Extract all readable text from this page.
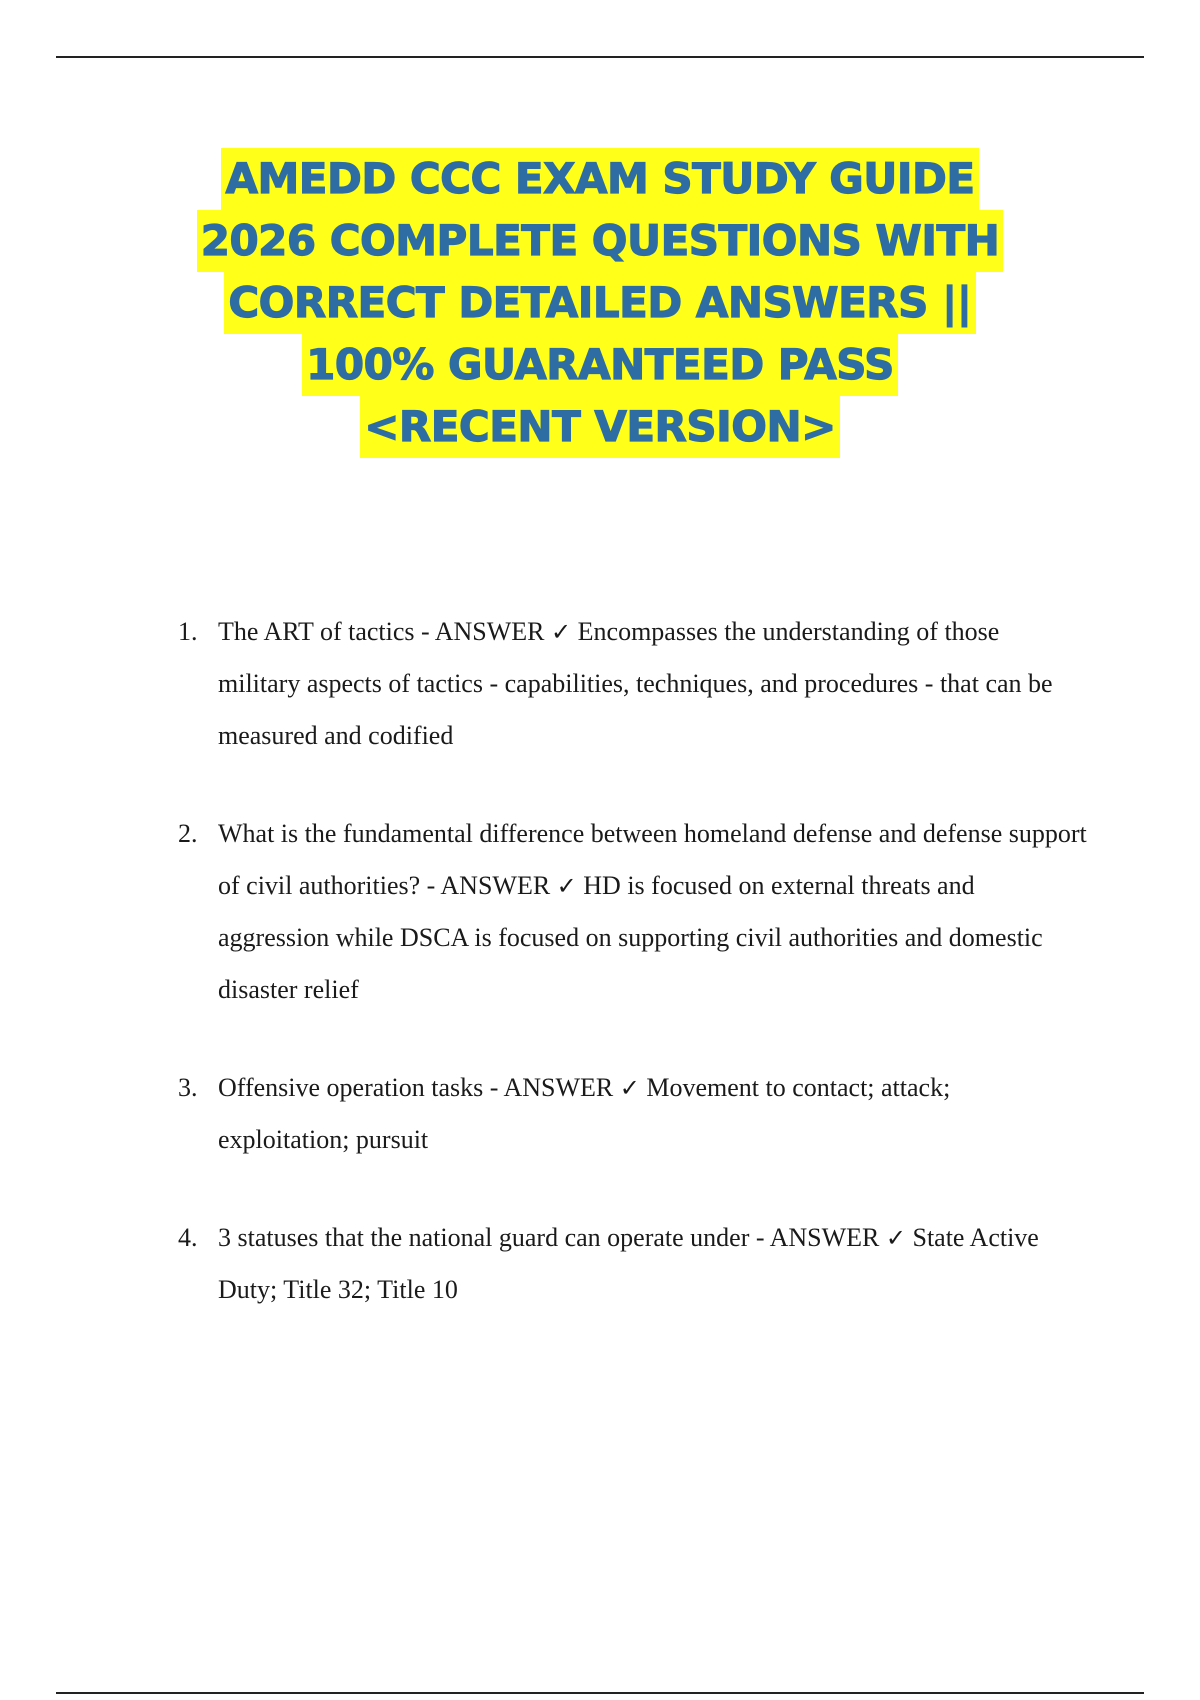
AMEDD CCC EXAM STUDY GUIDE
2026 COMPLETE QUESTIONS WITH
CORRECT DETAILED ANSWERS ||
100% GUARANTEED PASS
<RECENT VERSION>
1. The ART of tactics - ANSWER ✓ Encompasses the understanding of those military aspects of tactics - capabilities, techniques, and procedures - that can be measured and codified
2. What is the fundamental difference between homeland defense and defense support of civil authorities? - ANSWER ✓ HD is focused on external threats and aggression while DSCA is focused on supporting civil authorities and domestic disaster relief
3. Offensive operation tasks - ANSWER ✓ Movement to contact; attack; exploitation; pursuit
4. 3 statuses that the national guard can operate under - ANSWER ✓ State Active Duty; Title 32; Title 10
